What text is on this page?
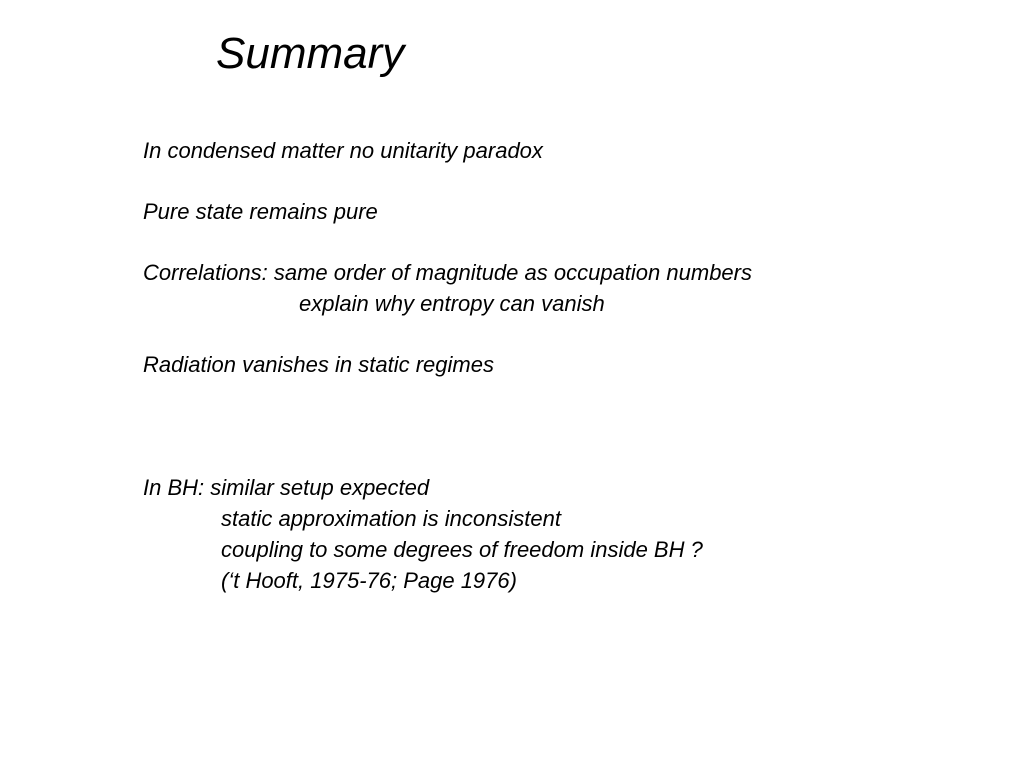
Summary
In condensed matter no unitarity paradox
Pure state remains pure
Correlations: same order of magnitude as occupation numbers
explain why entropy can vanish
Radiation vanishes in static regimes
In BH: similar setup expected
static approximation is inconsistent
coupling to some degrees of freedom inside BH ?
(‘t Hooft, 1975-76; Page 1976)
